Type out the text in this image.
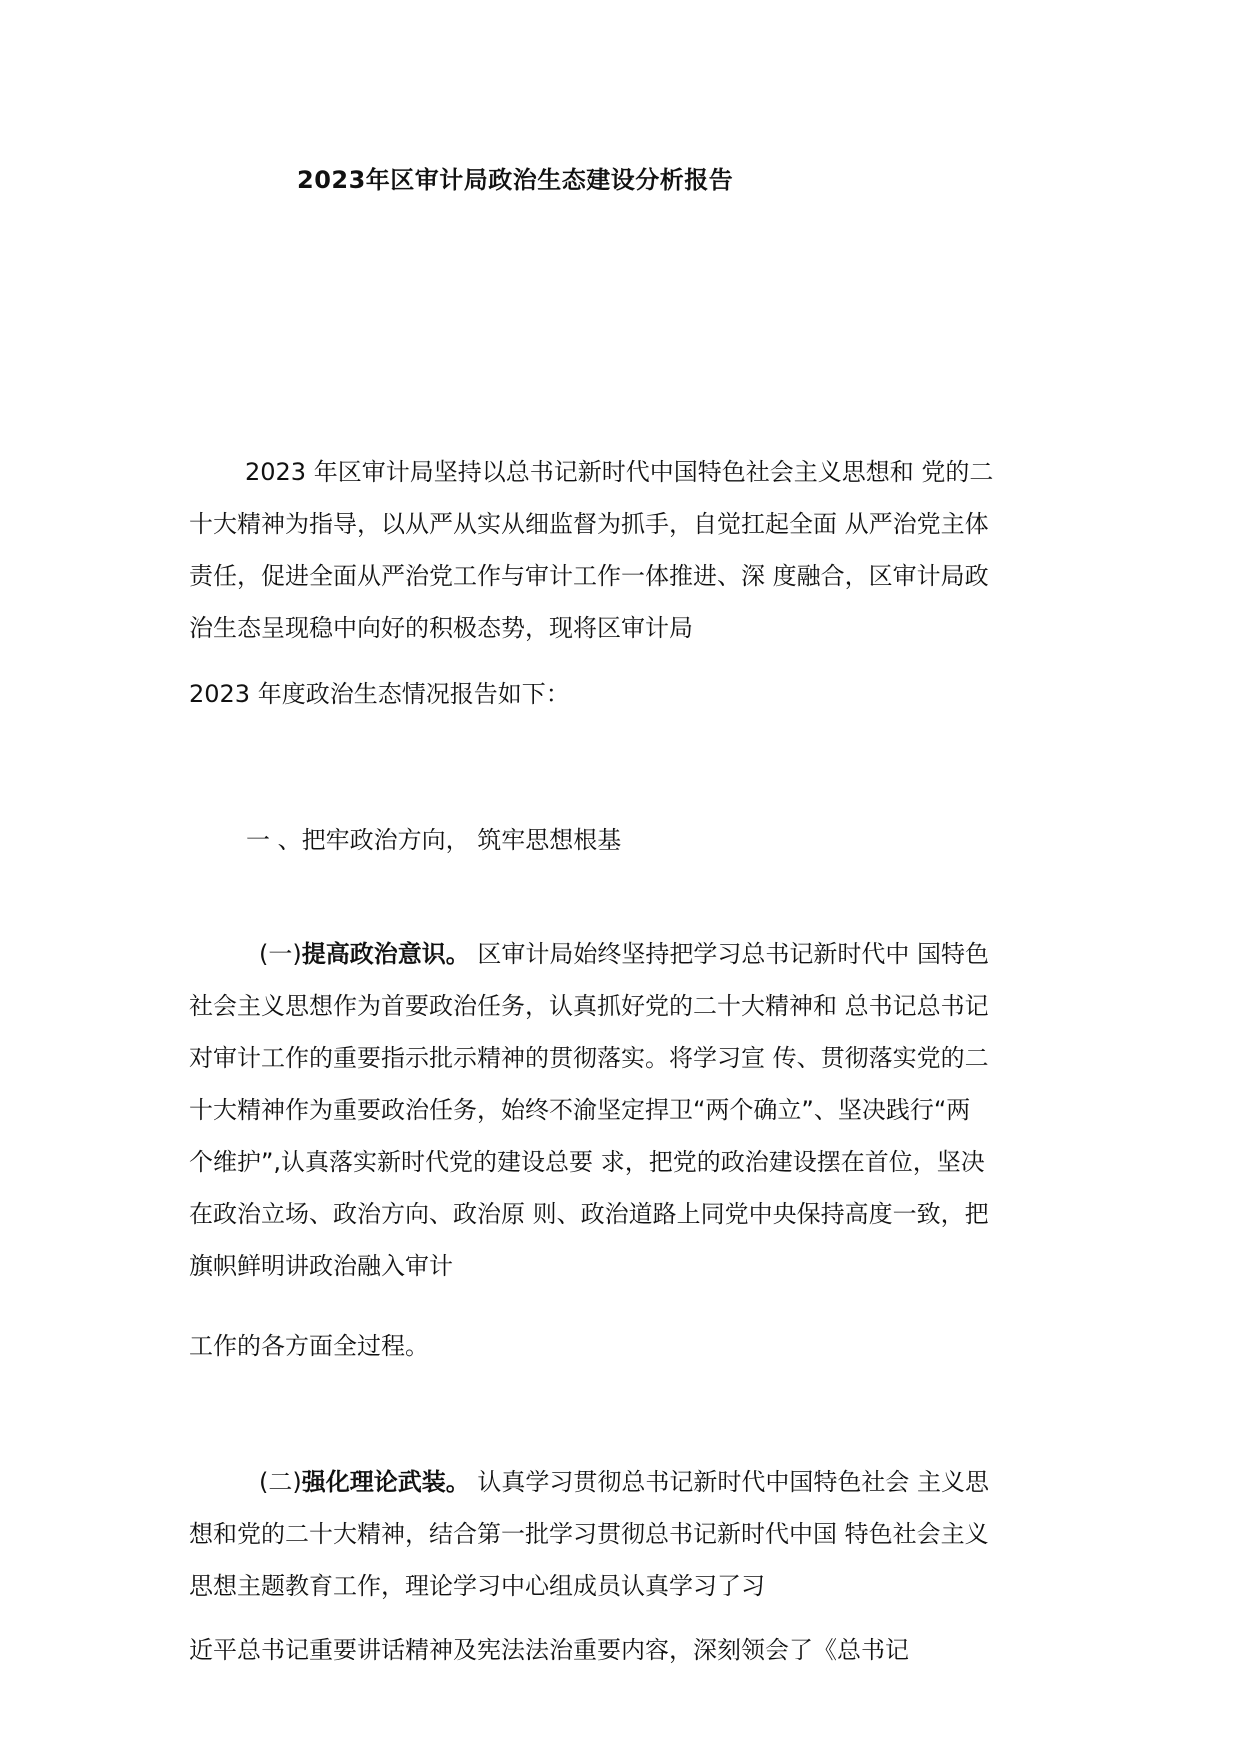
2023年区审计局政治生态建设分析报告
2023 年区审计局坚持以总书记新时代中国特色社会主义思想和 党的二
十大精神为指导，以从严从实从细监督为抓手，自觉扛起全面 从严治党主体
责任，促进全面从严治党工作与审计工作一体推进、深 度融合，区审计局政
治生态呈现稳中向好的积极态势，现将区审计局
2023 年度政治生态情况报告如下：
一 、把牢政治方向， 筑牢思想根基
(一)提高政治意识。 区审计局始终坚持把学习总书记新时代中 国特色
社会主义思想作为首要政治任务，认真抓好党的二十大精神和 总书记总书记
对审计工作的重要指示批示精神的贯彻落实。将学习宣 传、贯彻落实党的二
十大精神作为重要政治任务，始终不渝坚定捍卫“两个确立”、坚决践行“两
个维护”,认真落实新时代党的建设总要 求，把党的政治建设摆在首位，坚决
在政治立场、政治方向、政治原 则、政治道路上同党中央保持高度一致，把
旗帜鲜明讲政治融入审计
工作的各方面全过程。
(二)强化理论武装。 认真学习贯彻总书记新时代中国特色社会 主义思
想和党的二十大精神，结合第一批学习贯彻总书记新时代中国 特色社会主义
思想主题教育工作，理论学习中心组成员认真学习了习
近平总书记重要讲话精神及宪法法治重要内容，深刻领会了《总书记
